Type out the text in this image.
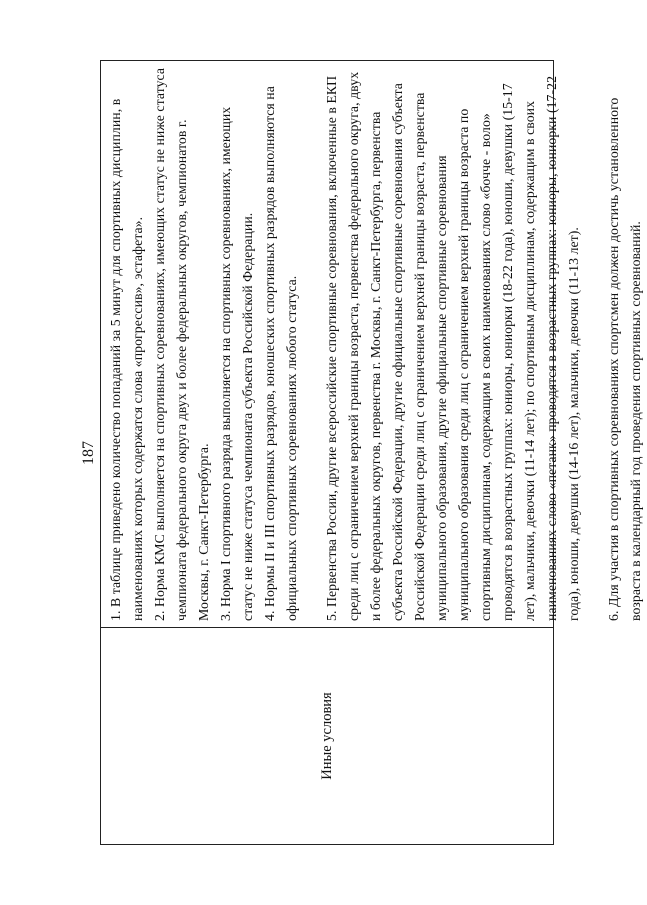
187
Иные условия

1. В таблице приведено количество попаданий за 5 минут для спортивных дисциплин, в наименованиях которых содержатся слова «прогрессив», эстафета». 2. Норма КМС выполняется на спортивных соревнованиях, имеющих статус не ниже статуса чемпионата федерального округа двух и более федеральных округов, чемпионатов г. Москвы, г. Санкт-Петербурга. 3. Норма I спортивного разряда выполняется на спортивных соревнованиях, имеющих статус не ниже статуса чемпионата субъекта Российской Федерации. 4. Нормы II и III спортивных разрядов, юношеских спортивных разрядов выполняются на официальных спортивных соревнованиях любого статуса. 5. Первенства России, другие всероссийские спортивные соревнования, включенные в ЕКП среди лиц с ограничением верхней границы возраста, первенства федерального округа, двух и более федеральных округов, первенства г. Москвы, г. Санкт-Петербурга, первенства субъекта Российской Федерации, другие официальные спортивные соревнования субъекта Российской Федерации среди лиц с ограничением верхней границы возраста, первенства муниципального образования, другие официальные спортивные соревнования муниципального образования среди лиц с ограничением верхней границы возраста по спортивным дисциплинам, содержащим в своих наименованиях слово «бочче - воло» проводятся в возрастных группах: юниоры, юниорки (18-22 года), юноши, девушки (15-17 лет), мальчики, девочки (11-14 лет); по спортивным дисциплинам, содержащим в своих наименованиях слово «петанк» проводятся в возрастных группах: юниоры, юниорки (17-22 года), юноши, девушки (14-16 лет), мальчики, девочки (11-13 лет). 6. Для участия в спортивных соревнованиях спортсмен должен достичь установленного возраста в календарный год проведения спортивных соревнований.
